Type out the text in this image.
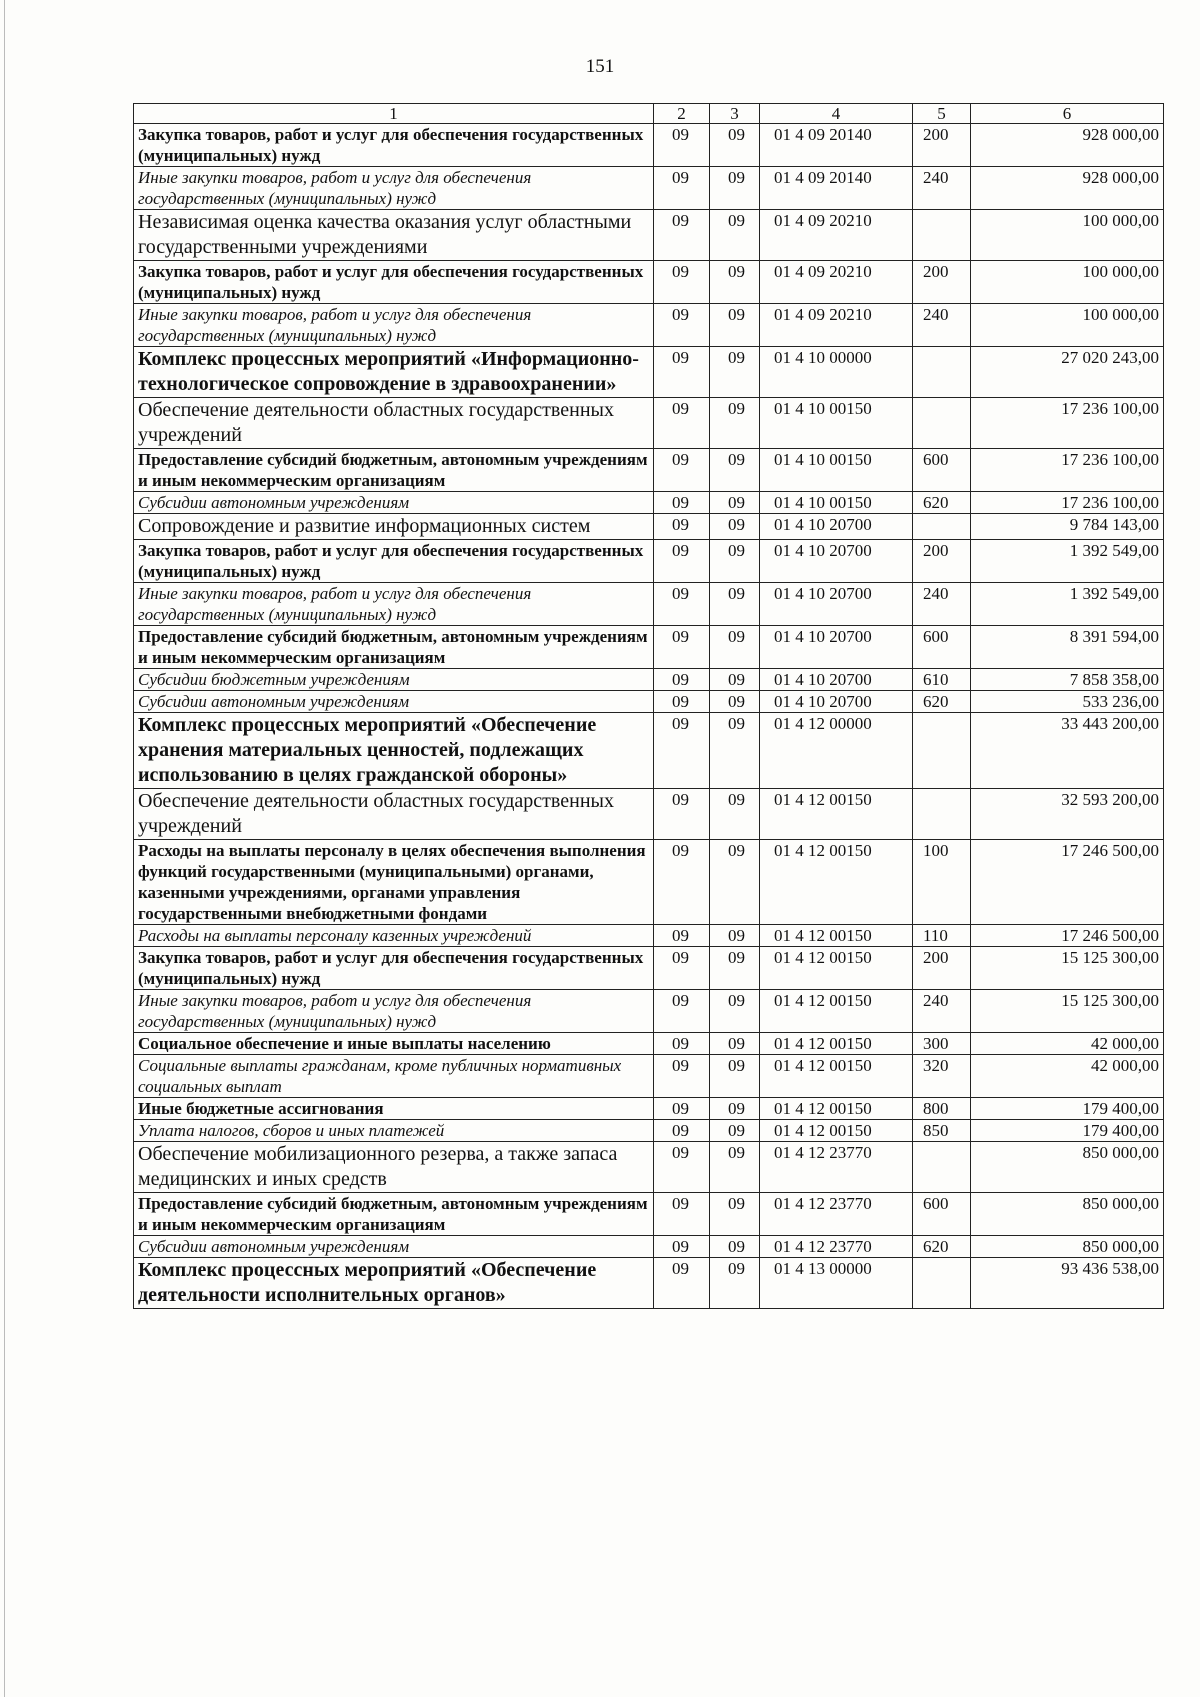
151
1	2	3	4	5	6
Закупка товаров, работ и услуг для обеспечения государственных (муниципальных) нужд	09	09	01 4 09 20140	200	928 000,00
Иные закупки товаров, работ и услуг для обеспечения государственных (муниципальных) нужд	09	09	01 4 09 20140	240	928 000,00
Независимая оценка качества оказания услуг областными государственными учреждениями	09	09	01 4 09 20210		100 000,00
Закупка товаров, работ и услуг для обеспечения государственных (муниципальных) нужд	09	09	01 4 09 20210	200	100 000,00
Иные закупки товаров, работ и услуг для обеспечения государственных (муниципальных) нужд	09	09	01 4 09 20210	240	100 000,00
Комплекс процессных мероприятий «Информационно-технологическое сопровождение в здравоохранении»	09	09	01 4 10 00000		27 020 243,00
Обеспечение деятельности областных государственных учреждений	09	09	01 4 10 00150		17 236 100,00
Предоставление субсидий бюджетным, автономным учреждениям и иным некоммерческим организациям	09	09	01 4 10 00150	600	17 236 100,00
Субсидии автономным учреждениям	09	09	01 4 10 00150	620	17 236 100,00
Сопровождение и развитие информационных систем	09	09	01 4 10 20700		9 784 143,00
Закупка товаров, работ и услуг для обеспечения государственных (муниципальных) нужд	09	09	01 4 10 20700	200	1 392 549,00
Иные закупки товаров, работ и услуг для обеспечения государственных (муниципальных) нужд	09	09	01 4 10 20700	240	1 392 549,00
Предоставление субсидий бюджетным, автономным учреждениям и иным некоммерческим организациям	09	09	01 4 10 20700	600	8 391 594,00
Субсидии бюджетным учреждениям	09	09	01 4 10 20700	610	7 858 358,00
Субсидии автономным учреждениям	09	09	01 4 10 20700	620	533 236,00
Комплекс процессных мероприятий «Обеспечение хранения материальных ценностей, подлежащих использованию в целях гражданской обороны»	09	09	01 4 12 00000		33 443 200,00
Обеспечение деятельности областных государственных учреждений	09	09	01 4 12 00150		32 593 200,00
Расходы на выплаты персоналу в целях обеспечения выполнения функций государственными (муниципальными) органами, казенными учреждениями, органами управления государственными внебюджетными фондами	09	09	01 4 12 00150	100	17 246 500,00
Расходы на выплаты персоналу казенных учреждений	09	09	01 4 12 00150	110	17 246 500,00
Закупка товаров, работ и услуг для обеспечения государственных (муниципальных) нужд	09	09	01 4 12 00150	200	15 125 300,00
Иные закупки товаров, работ и услуг для обеспечения государственных (муниципальных) нужд	09	09	01 4 12 00150	240	15 125 300,00
Социальное обеспечение и иные выплаты населению	09	09	01 4 12 00150	300	42 000,00
Социальные выплаты гражданам, кроме публичных нормативных социальных выплат	09	09	01 4 12 00150	320	42 000,00
Иные бюджетные ассигнования	09	09	01 4 12 00150	800	179 400,00
Уплата налогов, сборов и иных платежей	09	09	01 4 12 00150	850	179 400,00
Обеспечение мобилизационного резерва, а также запаса медицинских и иных средств	09	09	01 4 12 23770		850 000,00
Предоставление субсидий бюджетным, автономным учреждениям и иным некоммерческим организациям	09	09	01 4 12 23770	600	850 000,00
Субсидии автономным учреждениям	09	09	01 4 12 23770	620	850 000,00
Комплекс процессных мероприятий «Обеспечение деятельности исполнительных органов»	09	09	01 4 13 00000		93 436 538,00
